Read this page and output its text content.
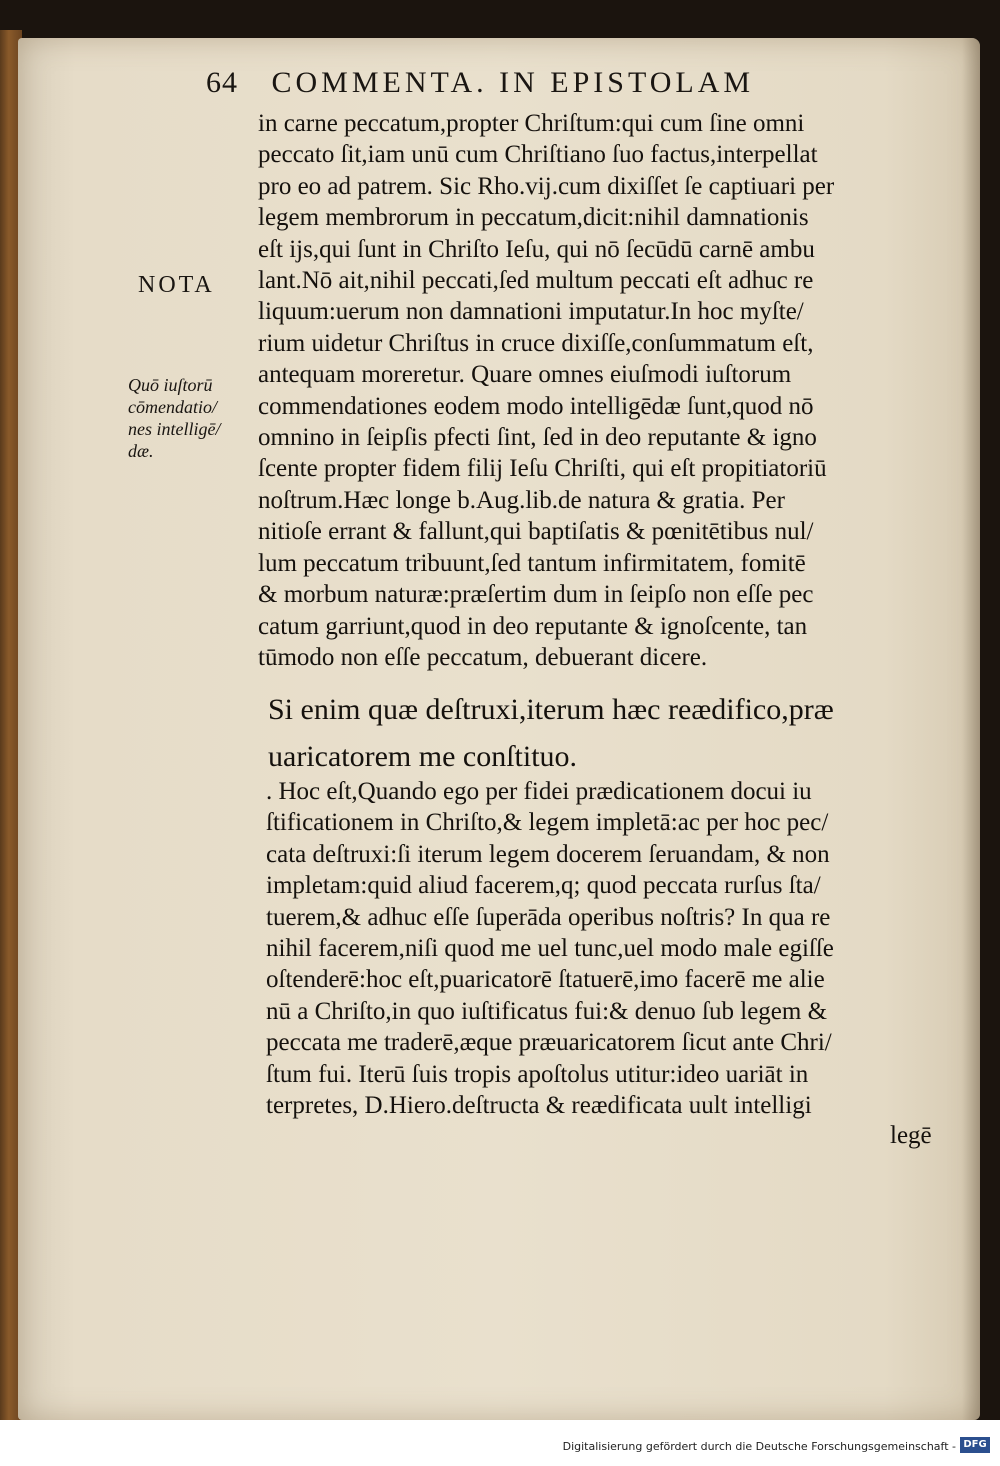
64 COMMENTA. IN EPISTOLAM
NOTA
Quō iuſtorū
cōmendatio/
nes intelligē/
dæ.
in carne peccatum,propter Chriſtum:qui cum ſine omni
peccato ſit,iam unū cum Chriſtiano ſuo factus,interpellat
pro eo ad patrem. Sic Rho.vij.cum dixiſſet ſe captiuari per
legem membrorum in peccatum,dicit:nihil damnationis
eſt ijs,qui ſunt in Chriſto Ieſu, qui nō ſecūdū carnē ambu
lant.Nō ait,nihil peccati,ſed multum peccati eſt adhuc re
liquum:uerum non damnationi imputatur.In hoc myſte/
rium uidetur Chriſtus in cruce dixiſſe,conſummatum eſt,
antequam moreretur. Quare omnes eiuſmodi iuſtorum
commendationes eodem modo intelligēdæ ſunt,quod nō
omnino in ſeipſis pfecti ſint, ſed in deo reputante & igno
ſcente propter fidem filij Ieſu Chriſti, qui eſt propitiatoriū
noſtrum.Hæc longe b.Aug.lib.de natura & gratia. Per
nitioſe errant & fallunt,qui baptiſatis & pœnitētibus nul/
lum peccatum tribuunt,ſed tantum infirmitatem, fomitē
& morbum naturæ:præſertim dum in ſeipſo non eſſe pec
catum garriunt,quod in deo reputante & ignoſcente, tan
tūmodo non eſſe peccatum, debuerant dicere.
Si enim quæ deſtruxi,iterum hæc reædifico,præ
uaricatorem me conſtituo.
. Hoc eſt,Quando ego per fidei prædicationem docui iu
ſtificationem in Chriſto,& legem impletā:ac per hoc pec/
cata deſtruxi:ſi iterum legem docerem ſeruandam, & non
impletam:quid aliud facerem,q; quod peccata rurſus ſta/
tuerem,& adhuc eſſe ſuperāda operibus noſtris? In qua re
nihil facerem,niſi quod me uel tunc,uel modo male egiſſe
oſtenderē:hoc eſt,puaricatorē ſtatuerē,imo facerē me alie
nū a Chriſto,in quo iuſtificatus fui:& denuo ſub legem &
peccata me traderē,æque præuaricatorem ſicut ante Chri/
ſtum fui. Iterū ſuis tropis apoſtolus utitur:ideo uariāt in
terpretes, D.Hiero.deſtructa & reædificata uult intelligi
legē
Digitalisierung gefördert durch die Deutsche Forschungsgemeinschaft - DFG
